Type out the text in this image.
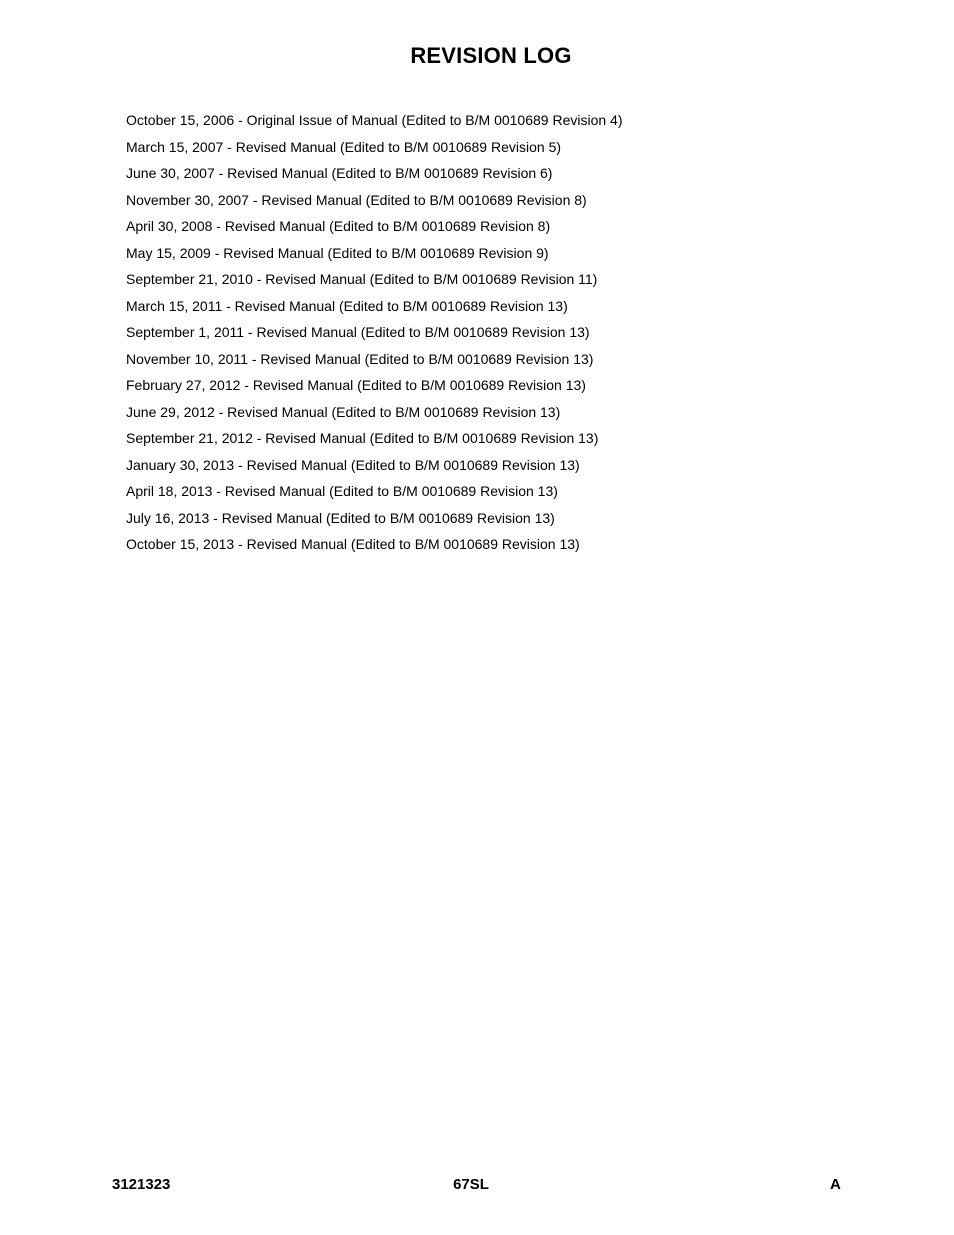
REVISION LOG
October 15, 2006 - Original Issue of Manual (Edited to B/M 0010689 Revision 4)
March 15, 2007 - Revised Manual (Edited to B/M 0010689 Revision 5)
June 30, 2007 - Revised Manual (Edited to B/M 0010689 Revision 6)
November 30, 2007 - Revised Manual (Edited to B/M 0010689 Revision 8)
April 30, 2008 - Revised Manual (Edited to B/M 0010689 Revision 8)
May 15, 2009 - Revised Manual (Edited to B/M 0010689 Revision 9)
September 21, 2010 - Revised Manual (Edited to B/M 0010689 Revision 11)
March 15, 2011 - Revised Manual (Edited to B/M 0010689 Revision 13)
September 1, 2011 - Revised Manual (Edited to B/M 0010689 Revision 13)
November 10, 2011 - Revised Manual (Edited to B/M 0010689 Revision 13)
February 27, 2012 - Revised Manual (Edited to B/M 0010689 Revision 13)
June 29, 2012 - Revised Manual (Edited to B/M 0010689 Revision 13)
September 21, 2012 - Revised Manual (Edited to B/M 0010689 Revision 13)
January 30, 2013 - Revised Manual (Edited to B/M 0010689 Revision 13)
April 18, 2013 - Revised Manual (Edited to B/M 0010689 Revision 13)
July 16, 2013 - Revised Manual (Edited to B/M 0010689 Revision 13)
October 15, 2013 - Revised Manual (Edited to B/M 0010689 Revision 13)
3121323	67SL	A
